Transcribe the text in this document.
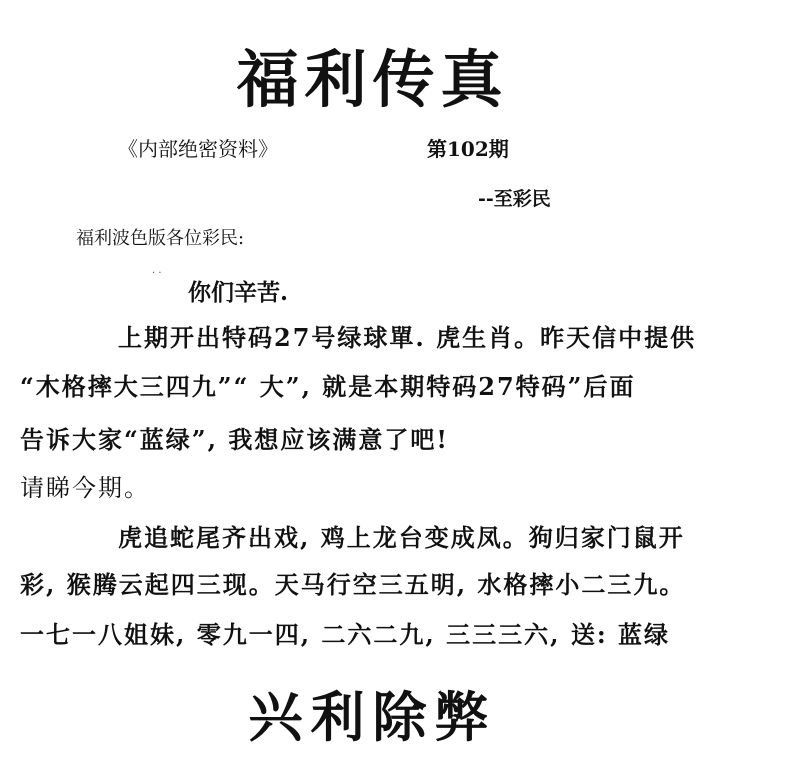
福利传真
《内部绝密资料》	第102期
--至彩民
福利波色版各位彩民:
· ·
你们辛苦.
上期开出特码27号绿球單. 虎生肖。昨天信中提供
“木格摔大三四九”“ 大”, 就是本期特码27特码”后面
告诉大家“蓝绿”, 我想应该满意了吧!
请睇今期。
虎追蛇尾齐出戏, 鸡上龙台变成凤。狗归家门鼠开
彩, 猴腾云起四三现。天马行空三五明, 水格摔小二三九。
一七一八姐妹, 零九一四, 二六二九, 三三三六, 送: 蓝绿
兴利除弊
